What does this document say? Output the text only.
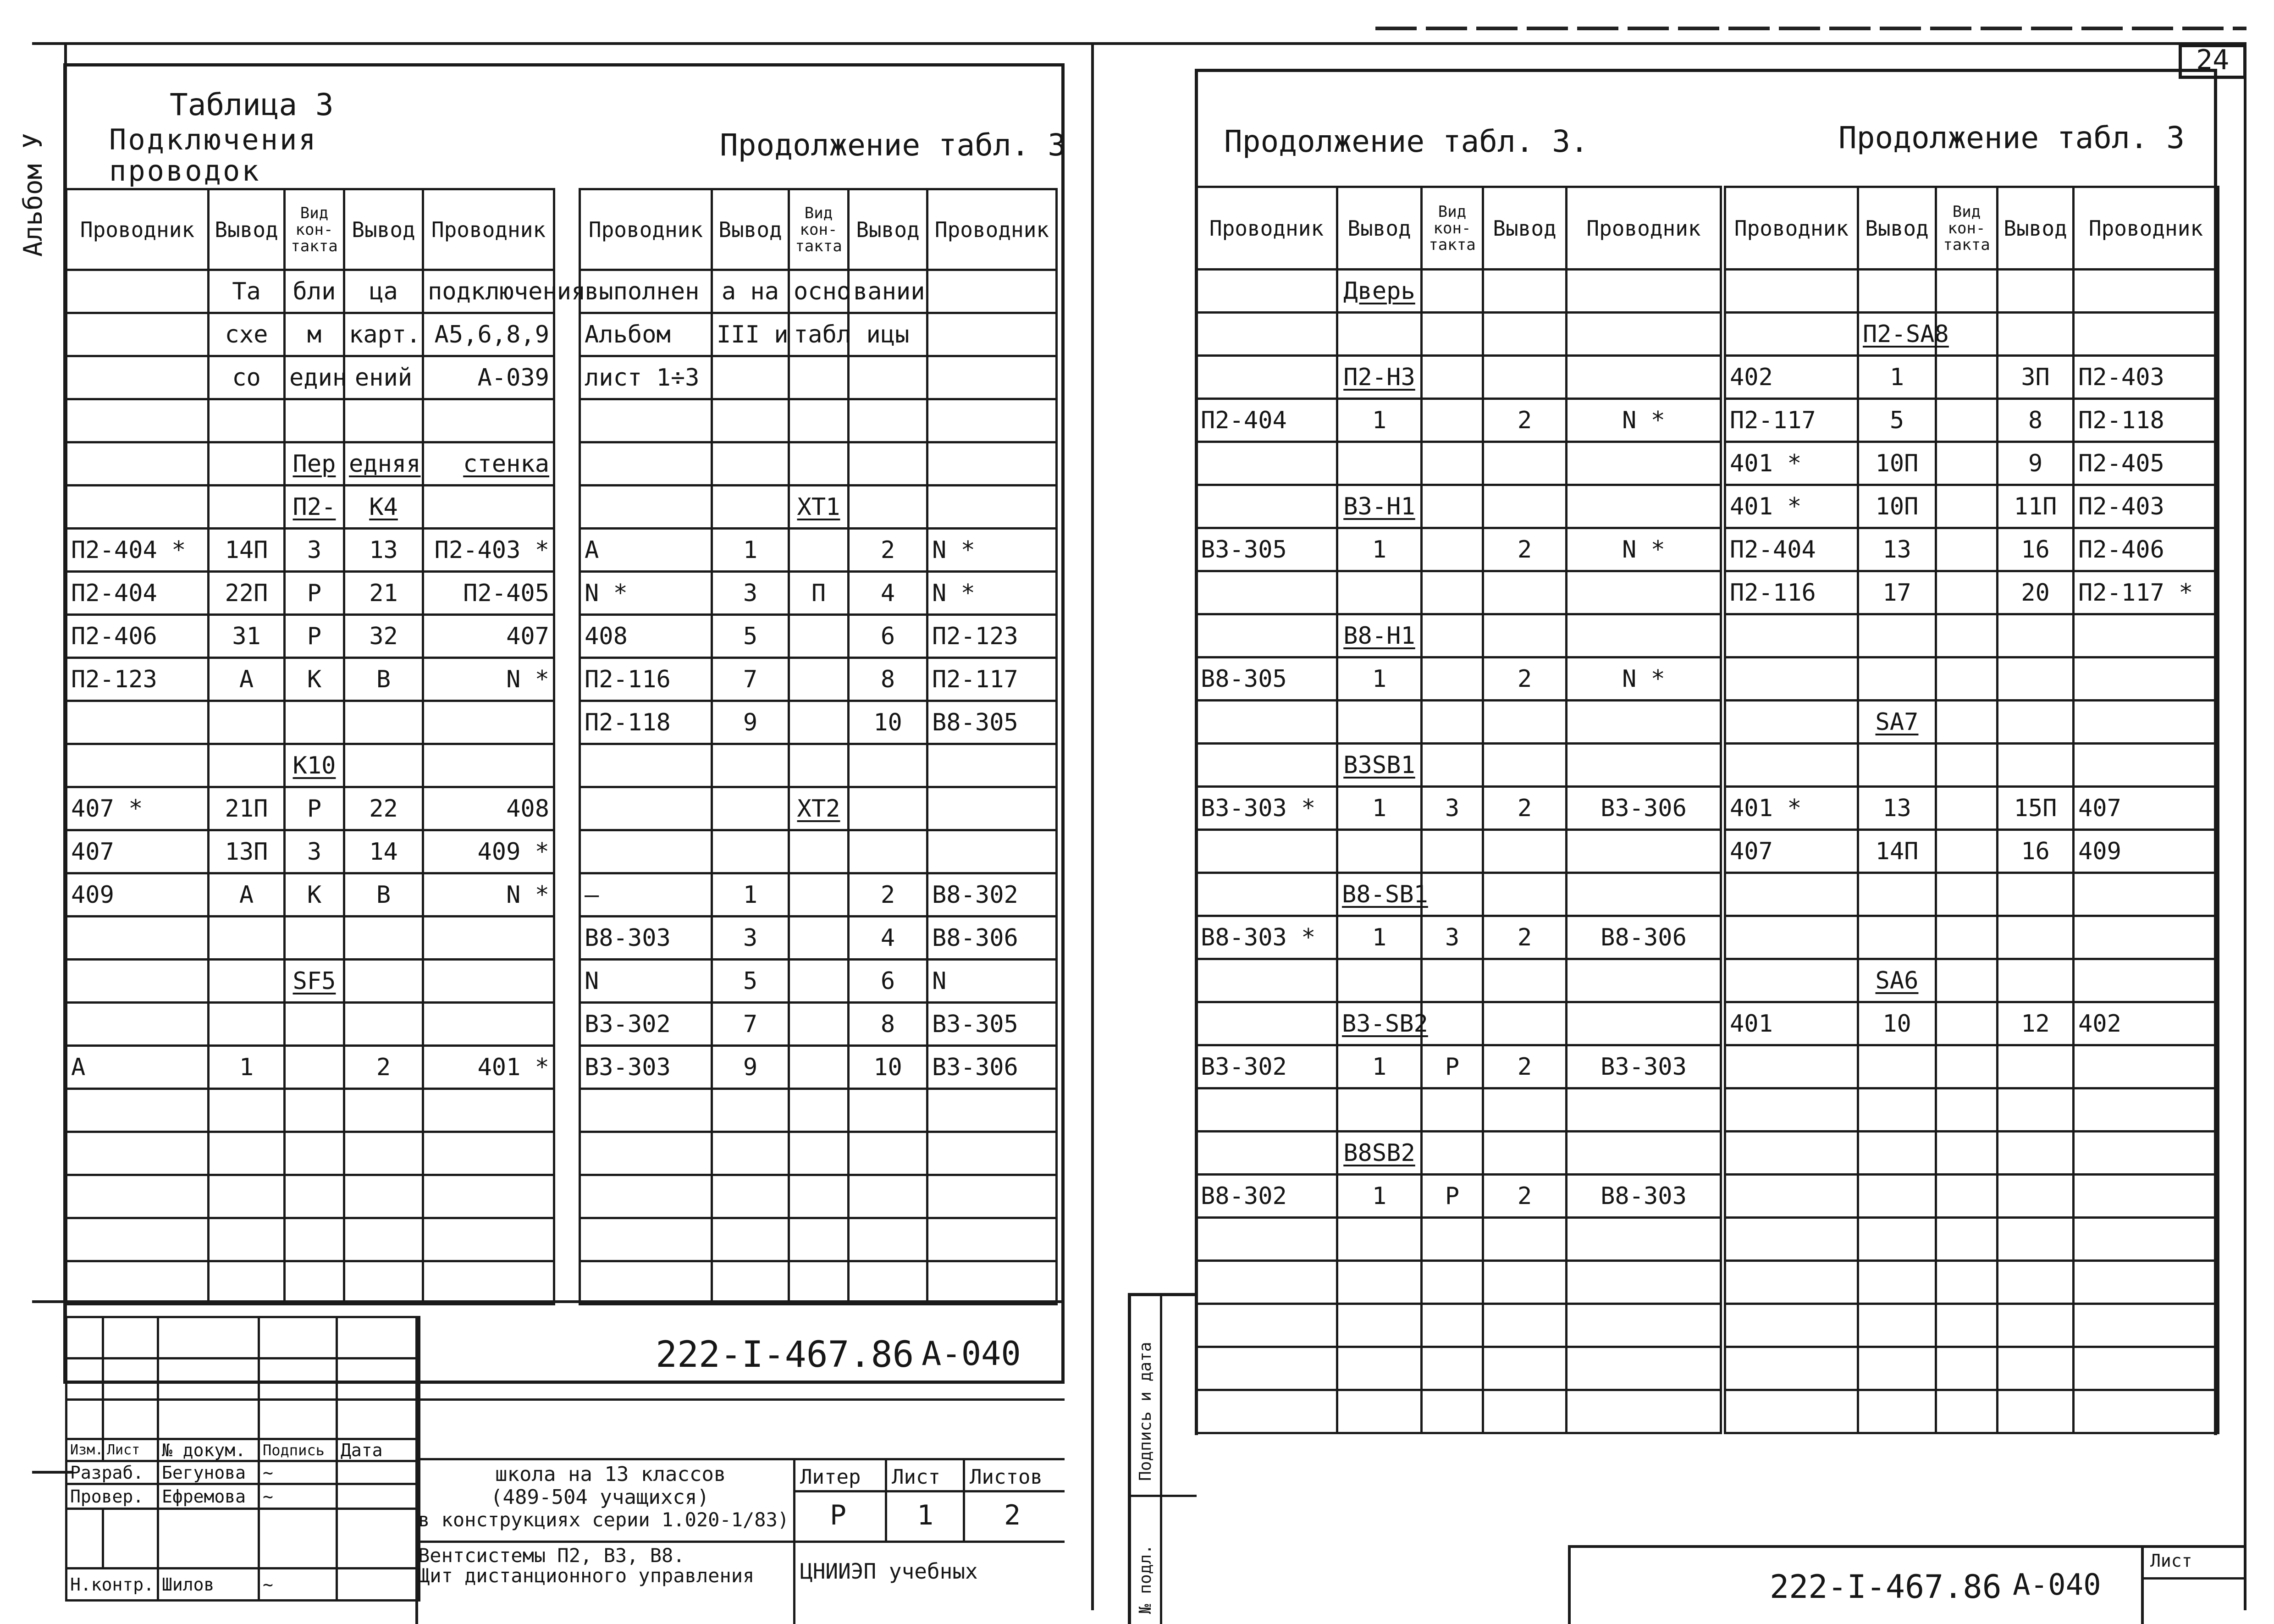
Альбом У
Таблица 3
Подключения
проводок
Продолжение табл. 3
Проводник	Вывод	Вид кон-такта	Вывод	Проводник
	Та	бли	ца	подключения
	схе	м	карт.	А5,6,8,9
	со	един	ений	А-039

		Пер	едняя	стенка
		П2-	К4	
П2-404 *	14П	3	13	П2-403 *
П2-404	22П	Р	21	П2-405
П2-406	31	Р	32	407
П2-123	А	К	В	N *

		К10		
407 *	21П	Р	22	408
407	13П	З	14	409 *
409	А	К	В	N *

		SF5		

А	1		2	401 *

Проводник	Вывод	Вид кон-такта	Вывод	Проводник
выполнен	а на	осно	вании	
Альбом	III и	табл	ицы	
лист 1÷3				

		ХТ1		
А	1		2	N *
N *	3	П	4	N *
408	5		6	П2-123
П2-116	7		8	П2-117
П2-118	9		10	В8-305

		ХТ2		

–	1		2	В8-302
В8-303	3		4	В8-306
N	5		6	N
В3-302	7		8	В3-305
В3-303	9		10	В3-306

Изм.	Лист	№ докум.	Подпись	Дата
Разраб.		Бегунова	~	
Провер.		Ефремова	~	

Н.контр.		Шилов	~	
222-I-467.86 А-040
школа на 13 классов
(489-504 учащихся)
в конструкциях серии 1.020-1/83)
Литер Лист Листов
Р	1	2
Вентсистемы П2, В3, В8.
Щит дистанционного управления ЦНИИЭП учебных
24
Продолжение табл. 3.	Продолжение табл. 3
Проводник	Вывод	Вид кон-такта	Вывод	Проводник
	Дверь			

	П2-Н3			
П2-404	1		2	N *

	В3-Н1			
В3-305	1		2	N *

	В8-Н1			
В8-305	1		2	N *

	В3SB1			
В3-303 *	1	З	2	В3-306

	В8-SB1			
В8-303 *	1	З	2	В8-306

	В3-SB2			
В3-302	1	Р	2	В3-303

	В8SB2			
В8-302	1	Р	2	В8-303

Проводник	Вывод	Вид кон-такта	Вывод	Проводник

	П2-SA8			
402	1		3П	П2-403
П2-117	5		8	П2-118
401 *	10П		9	П2-405
401 *	10П		11П	П2-403
П2-404	13		16	П2-406
П2-116	17		20	П2-117 *

	SA7			

401 *	13		15П	407
407	14П		16	409

	SA6			
401	10		12	402

Подпись и дата
№ подл.	222-I-467.86 А-040
Лист
